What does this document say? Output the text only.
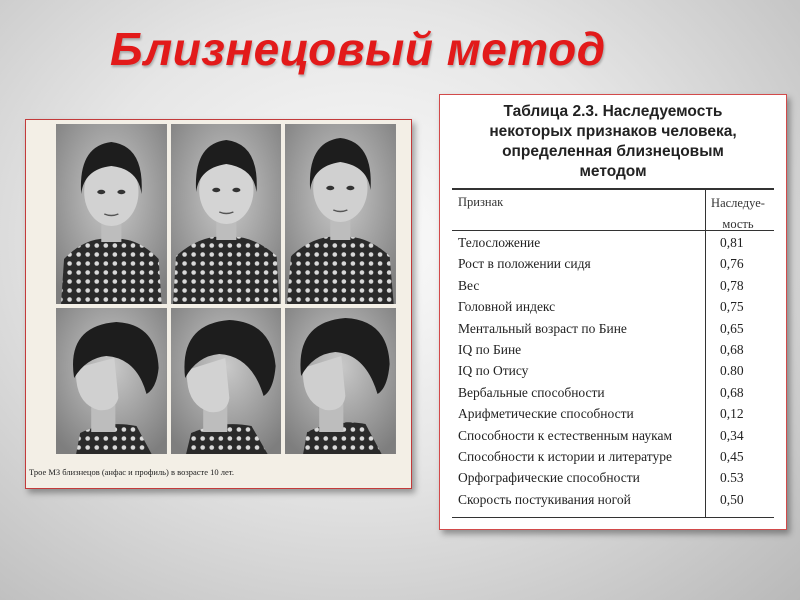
Близнецовый метод
Трое МЗ близнецов (анфас и профиль) в возрасте 10 лет.
Таблица 2.3. Наследуемость
некоторых признаков человека,
определенная близнецовым
методом
Признак	Наследуе-
мость
Телосложение	0,81
Рост в положении сидя	0,76
Вес	0,78
Головной индекс	0,75
Ментальный возраст по Бине	0,65
IQ по Бине	0,68
IQ по Отису	0.80
Вербальные способности	0,68
Арифметические способности	0,12
Способности к естественным наукам	0,34
Способности к истории и литературе	0,45
Орфографические способности	0.53
Скорость постукивания ногой	0,50
